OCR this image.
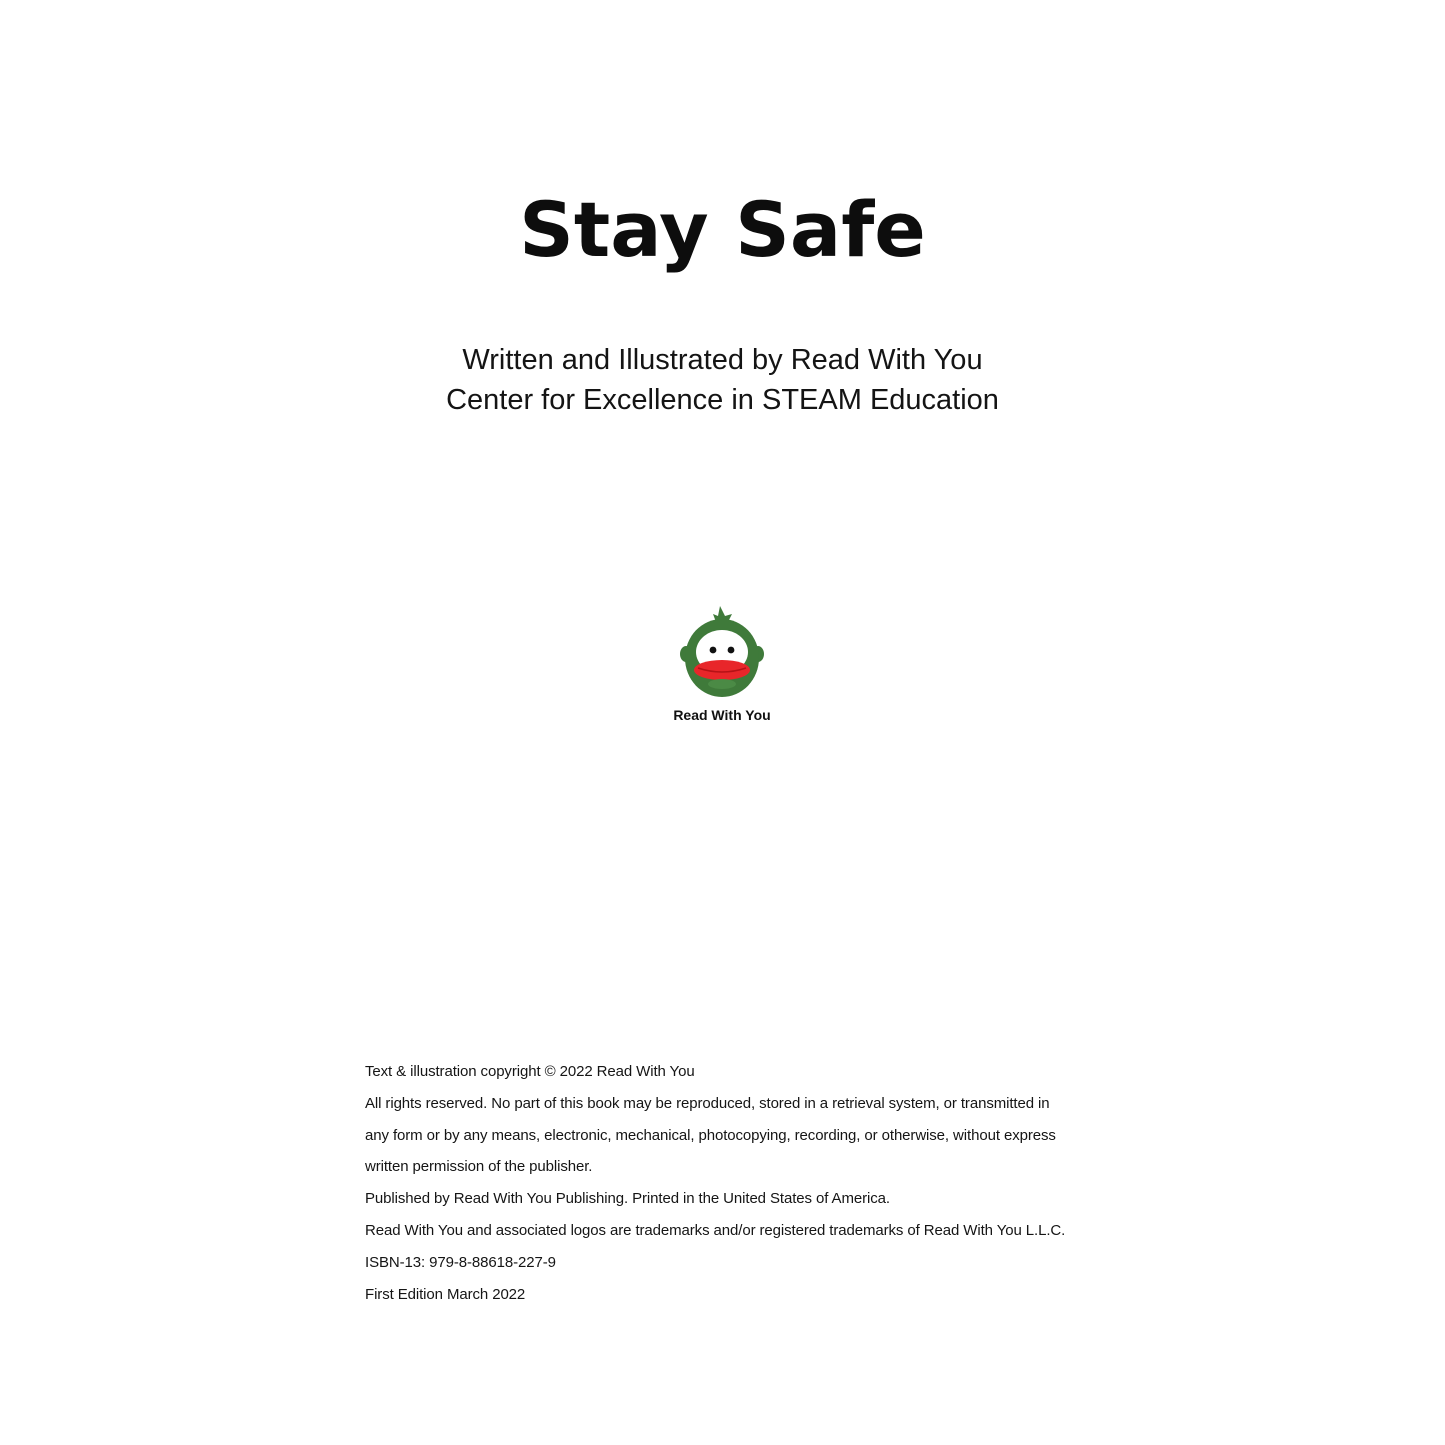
Stay Safe
Written and Illustrated by Read With You
Center for Excellence in STEAM Education
Read With You

Text & illustration copyright © 2022 Read With You

All rights reserved. No part of this book may be reproduced, stored in a retrieval system, or transmitted in

any form or by any means, electronic, mechanical, photocopying, recording, or otherwise, without express

written permission of the publisher.

Published by Read With You Publishing. Printed in the United States of America.

Read With You and associated logos are trademarks and/or registered trademarks of Read With You L.L.C.

ISBN-13: 979-8-88618-227-9

First Edition March 2022
